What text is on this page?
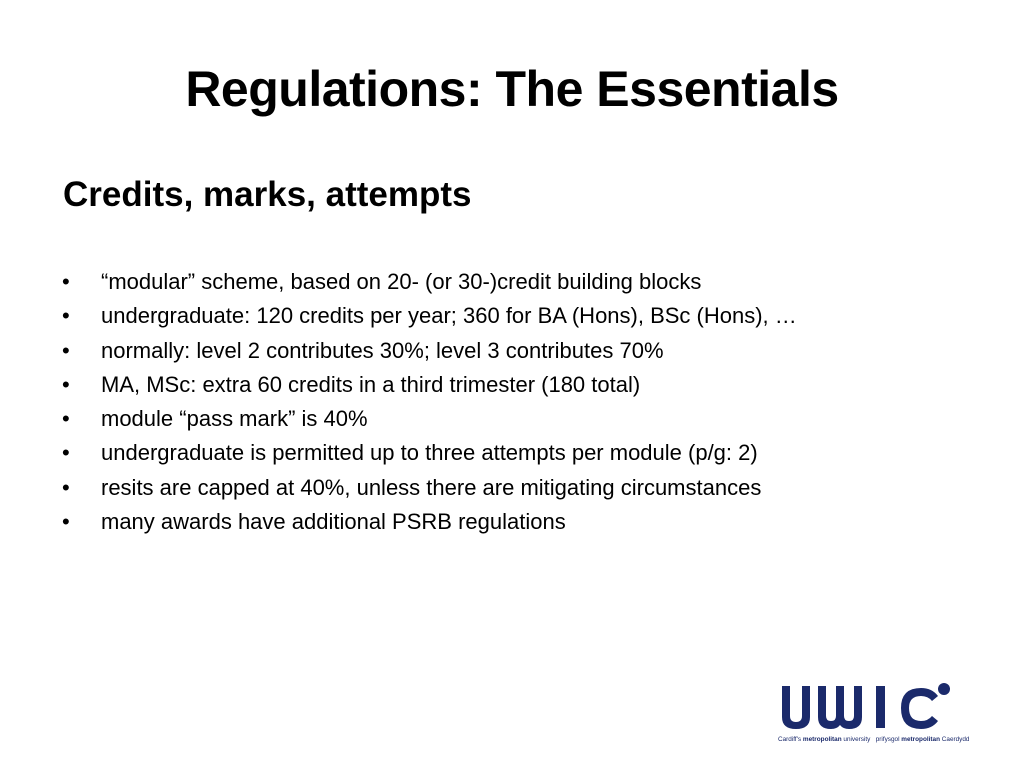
Regulations: The Essentials
Credits, marks, attempts
• “modular” scheme, based on 20- (or 30-)credit building blocks
• undergraduate: 120 credits per year; 360 for BA (Hons), BSc (Hons), …
• normally: level 2 contributes 30%; level 3 contributes 70%
• MA, MSc: extra 60 credits in a third trimester (180 total)
• module “pass mark” is 40%
• undergraduate is permitted up to three attempts per module (p/g: 2)
• resits are capped at 40%, unless there are mitigating circumstances
• many awards have additional PSRB regulations
Cardiff's metropolitan university prifysgol metropolitan Caerdydd
